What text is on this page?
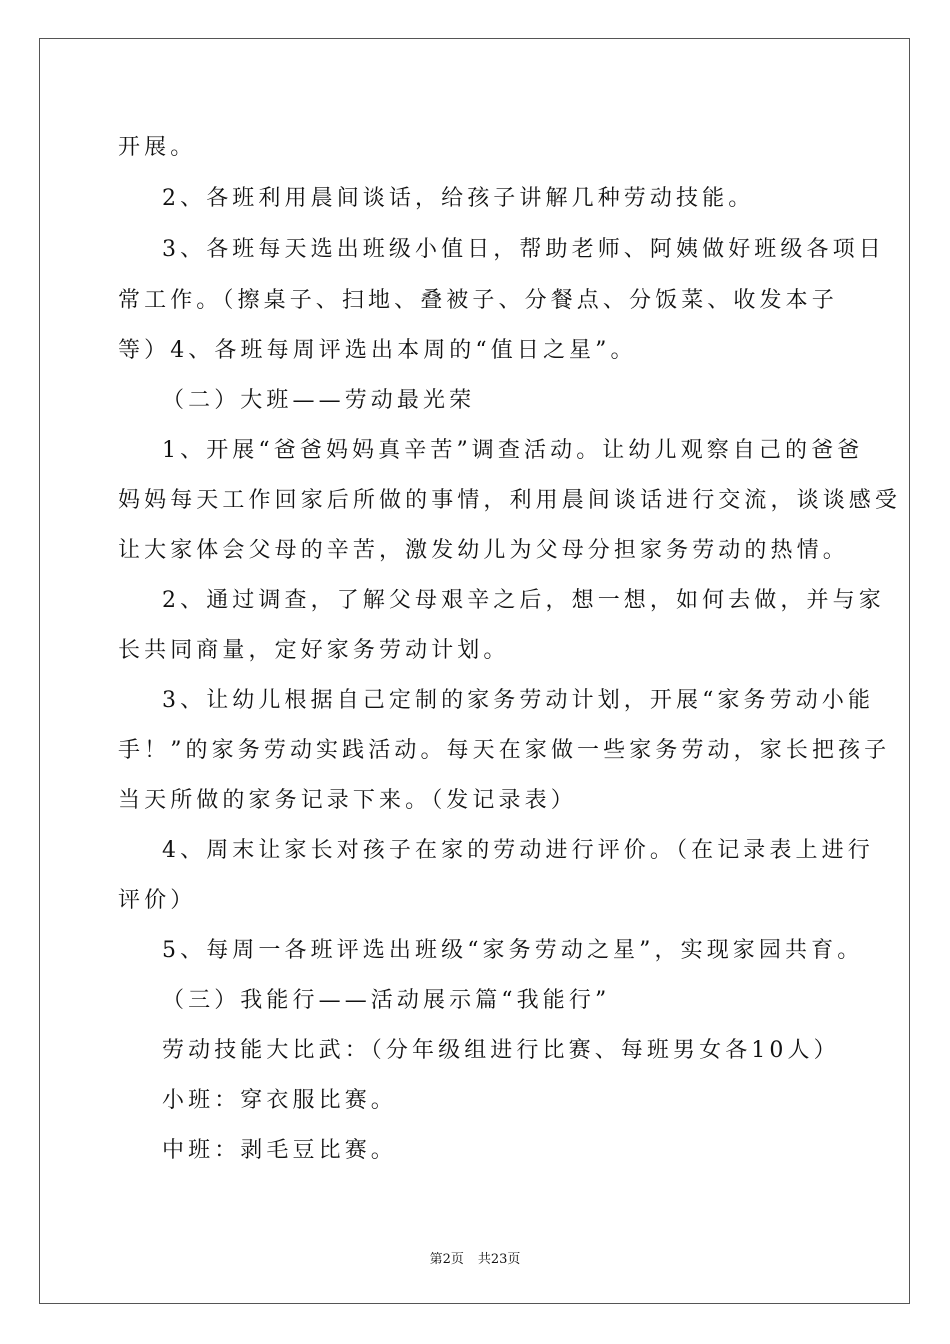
开展。
2、各班利用晨间谈话，给孩子讲解几种劳动技能。
3、各班每天选出班级小值日，帮助老师、阿姨做好班级各项日
常工作。（擦桌子、扫地、叠被子、分餐点、分饭菜、收发本子
等）4、各班每周评选出本周的“值日之星”。
（二）大班——劳动最光荣
1、开展“爸爸妈妈真辛苦”调查活动。让幼儿观察自己的爸爸
妈妈每天工作回家后所做的事情，利用晨间谈话进行交流，谈谈感受
让大家体会父母的辛苦，激发幼儿为父母分担家务劳动的热情。
2、通过调查，了解父母艰辛之后，想一想，如何去做，并与家
长共同商量，定好家务劳动计划。
3、让幼儿根据自己定制的家务劳动计划，开展“家务劳动小能
手！”的家务劳动实践活动。每天在家做一些家务劳动，家长把孩子
当天所做的家务记录下来。（发记录表）
4、周末让家长对孩子在家的劳动进行评价。（在记录表上进行
评价）
5、每周一各班评选出班级“家务劳动之星”，实现家园共育。
（三）我能行——活动展示篇“我能行”
劳动技能大比武：（分年级组进行比赛、每班男女各10人）
小班：穿衣服比赛。
中班：剥毛豆比赛。
第2页 共23页
